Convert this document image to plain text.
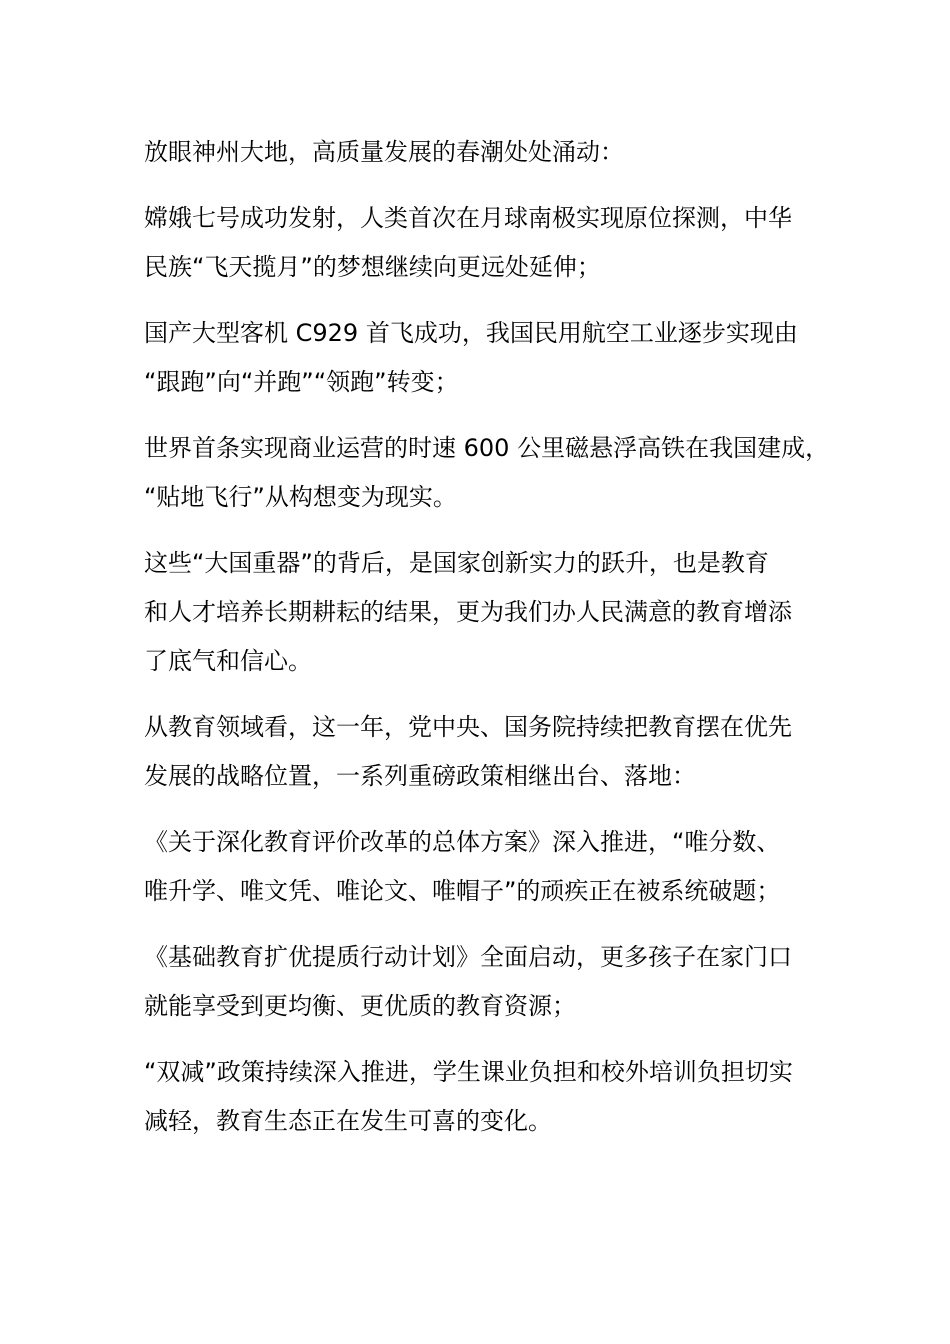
放眼神州大地，高质量发展的春潮处处涌动：

嫦娥七号成功发射，人类首次在月球南极实现原位探测，中华
民族“飞天揽月”的梦想继续向更远处延伸；

国产大型客机 C929 首飞成功，我国民用航空工业逐步实现由
“跟跑”向“并跑”“领跑”转变；

世界首条实现商业运营的时速 600 公里磁悬浮高铁在我国建成，
“贴地飞行”从构想变为现实。

这些“大国重器”的背后，是国家创新实力的跃升，也是教育
和人才培养长期耕耘的结果，更为我们办人民满意的教育增添
了底气和信心。

从教育领域看，这一年，党中央、国务院持续把教育摆在优先
发展的战略位置，一系列重磅政策相继出台、落地：

《关于深化教育评价改革的总体方案》深入推进，“唯分数、
唯升学、唯文凭、唯论文、唯帽子”的顽疾正在被系统破题；

《基础教育扩优提质行动计划》全面启动，更多孩子在家门口
就能享受到更均衡、更优质的教育资源；

“双减”政策持续深入推进，学生课业负担和校外培训负担切实
减轻，教育生态正在发生可喜的变化。
